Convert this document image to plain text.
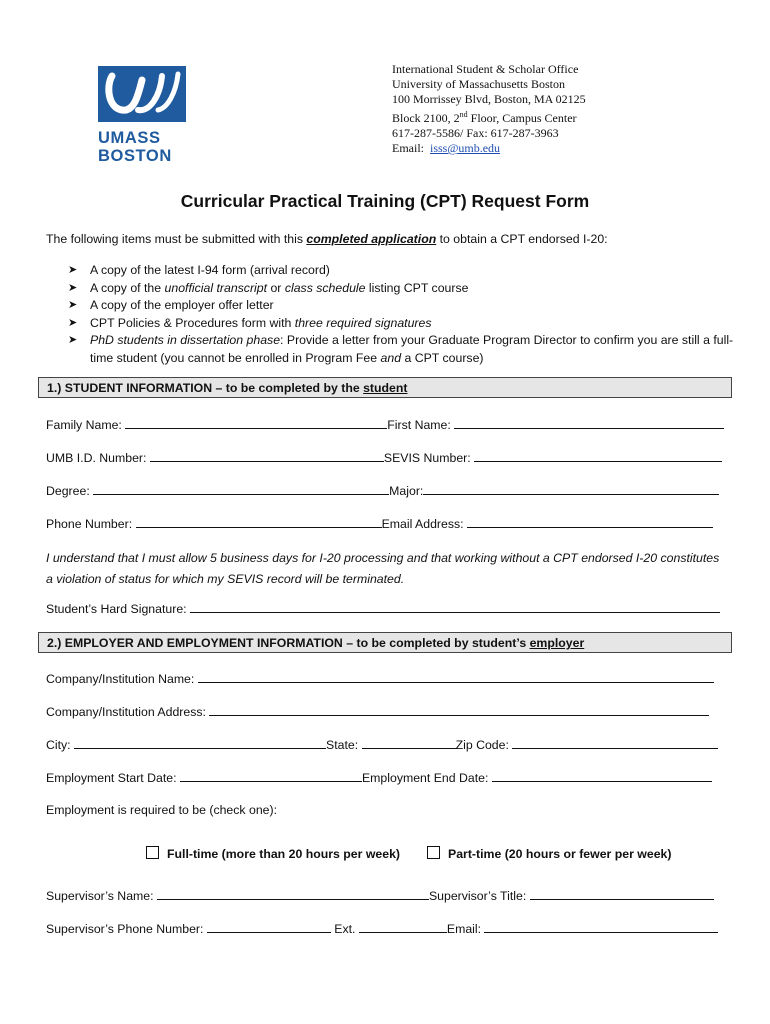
UMASS
BOSTON
International Student & Scholar Office
University of Massachusetts Boston
100 Morrissey Blvd, Boston, MA 02125
Block 2100, 2nd Floor, Campus Center
617-287-5586/ Fax: 617-287-3963
Email: isss@umb.edu
Curricular Practical Training (CPT) Request Form
The following items must be submitted with this completed application to obtain a CPT endorsed I-20:
➤ A copy of the latest I-94 form (arrival record)
➤ A copy of the unofficial transcript or class schedule listing CPT course
➤ A copy of the employer offer letter
➤ CPT Policies & Procedures form with three required signatures
➤ PhD students in dissertation phase: Provide a letter from your Graduate Program Director to confirm you are still a full-time student (you cannot be enrolled in Program Fee and a CPT course)
1.) STUDENT INFORMATION – to be completed by the student
Family Name:	First Name:
UMB I.D. Number:	SEVIS Number:
Degree:	Major:
Phone Number:	Email Address:
I understand that I must allow 5 business days for I-20 processing and that working without a CPT endorsed I-20 constitutes a violation of status for which my SEVIS record will be terminated.
Student’s Hard Signature:
2.) EMPLOYER AND EMPLOYMENT INFORMATION – to be completed by student’s employer
Company/Institution Name:
Company/Institution Address:
City:	State:	Zip Code:
Employment Start Date:	Employment End Date:
Employment is required to be (check one):
Full-time (more than 20 hours per week)	Part-time (20 hours or fewer per week)
Supervisor’s Name:	Supervisor’s Title:
Supervisor’s Phone Number:	Ext.	Email:
